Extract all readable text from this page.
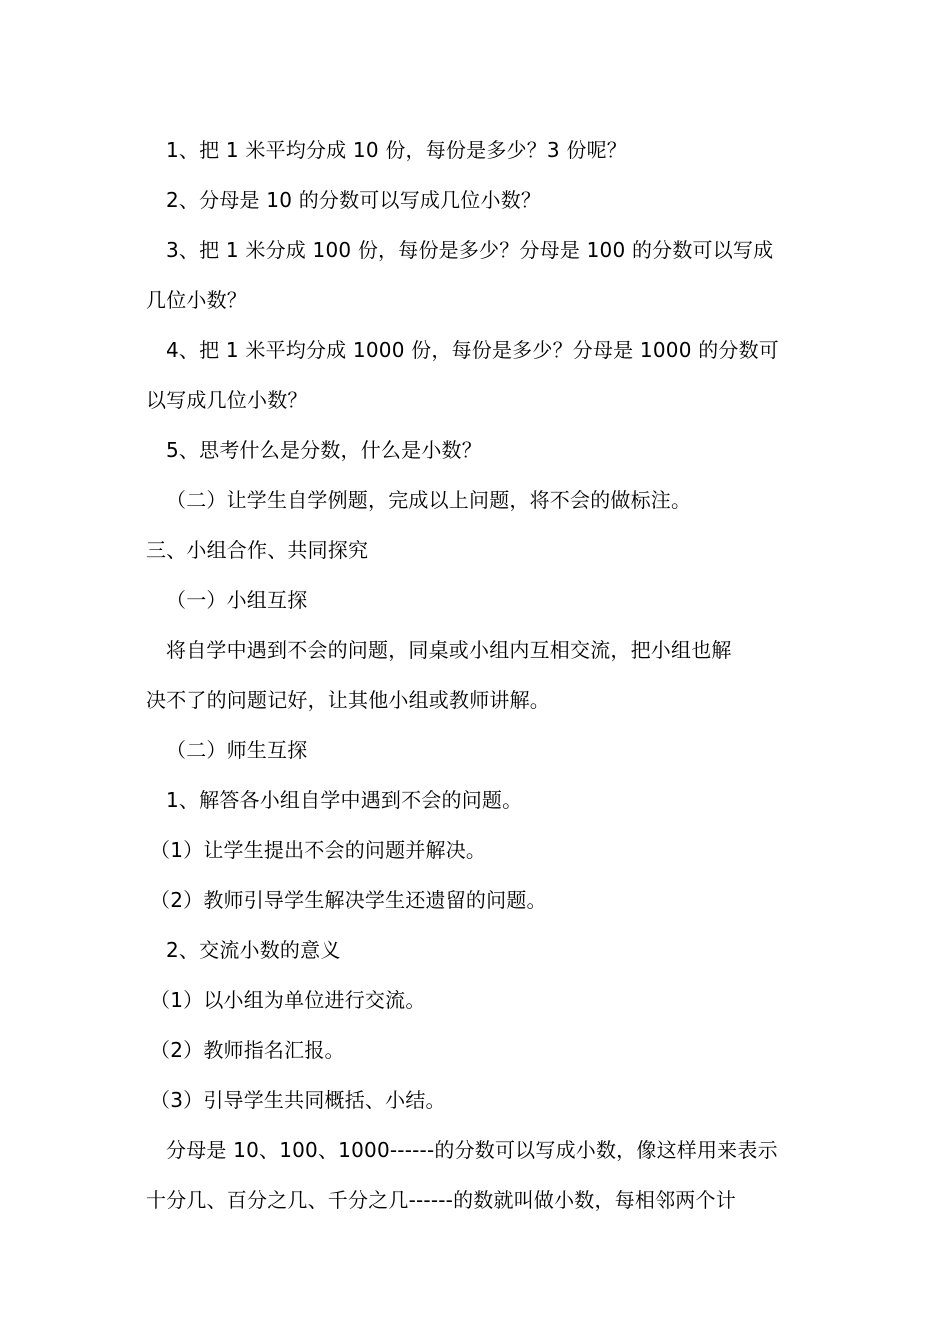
1、把 1 米平均分成 10 份，每份是多少？3 份呢？

2、分母是 10 的分数可以写成几位小数？

3、把 1 米分成 100 份，每份是多少？分母是 100 的分数可以写成

几位小数？

4、把 1 米平均分成 1000 份，每份是多少？分母是 1000 的分数可

以写成几位小数？

5、思考什么是分数，什么是小数？

（二）让学生自学例题，完成以上问题，将不会的做标注。

三、小组合作、共同探究

（一）小组互探

将自学中遇到不会的问题，同桌或小组内互相交流，把小组也解

决不了的问题记好，让其他小组或教师讲解。

（二）师生互探

1、解答各小组自学中遇到不会的问题。

（1）让学生提出不会的问题并解决。

（2）教师引导学生解决学生还遗留的问题。

2、交流小数的意义

（1）以小组为单位进行交流。

（2）教师指名汇报。

（3）引导学生共同概括、小结。

分母是 10、100、1000------的分数可以写成小数，像这样用来表示

十分几、百分之几、千分之几------的数就叫做小数，每相邻两个计
